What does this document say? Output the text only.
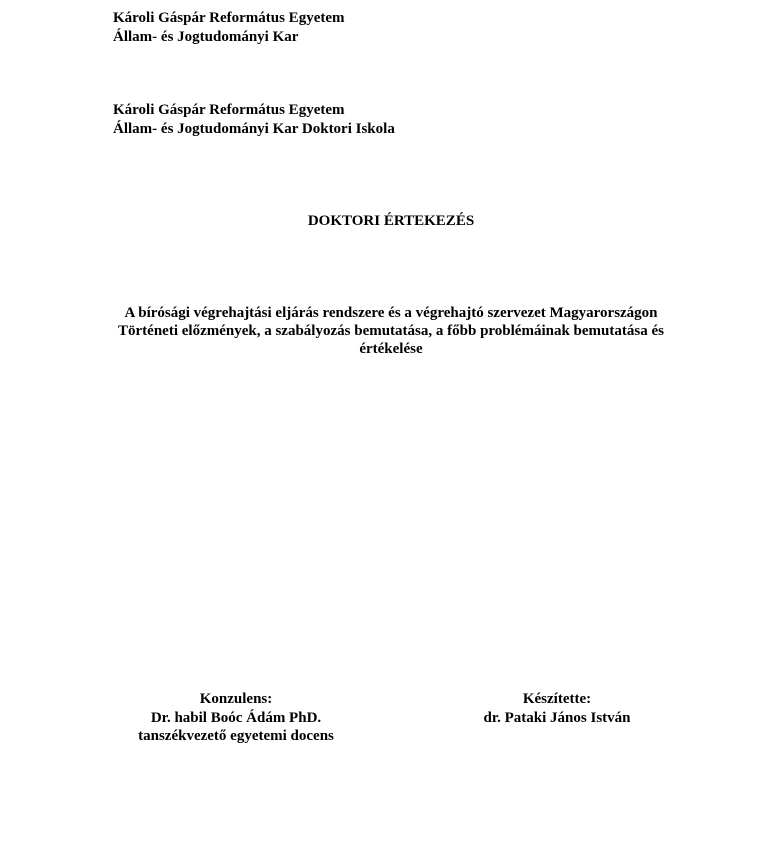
Károli Gáspár Református Egyetem
Állam- és Jogtudományi Kar
Károli Gáspár Református Egyetem
Állam- és Jogtudományi Kar Doktori Iskola
DOKTORI ÉRTEKEZÉS
A bírósági végrehajtási eljárás rendszere és a végrehajtó szervezet Magyarországon
Történeti előzmények, a szabályozás bemutatása, a főbb problémáinak bemutatása és
értékelése
Konzulens:
Dr. habil Boóc Ádám PhD.
tanszékvezető egyetemi docens
Készítette:
dr. Pataki János István
